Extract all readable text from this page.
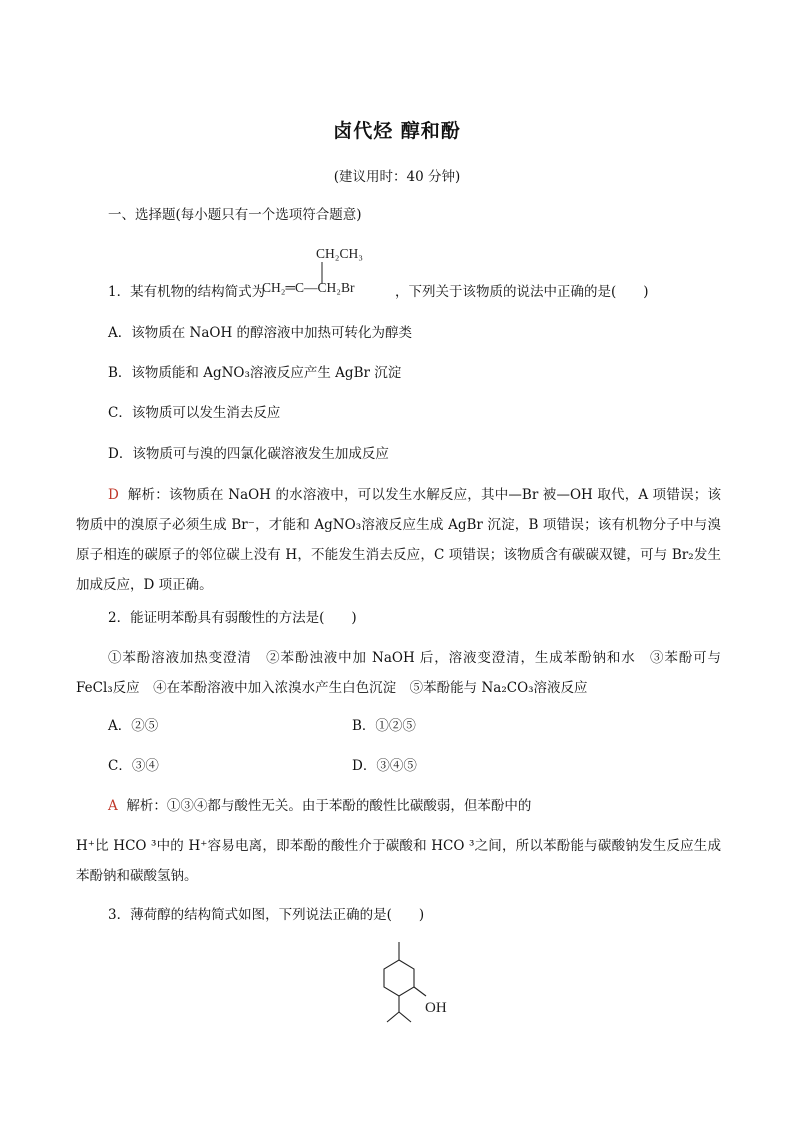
卤代烃 醇和酚
(建议用时：40 分钟)
一、选择题(每小题只有一个选项符合题意)
1．某有机物的结构简式为
CH₂CH₃
CH₂═C—CH₂Br	，下列关于该物质的说法中正确的是(　　)
A．该物质在 NaOH 的醇溶液中加热可转化为醇类
B．该物质能和 AgNO₃溶液反应产生 AgBr 沉淀
C．该物质可以发生消去反应
D．该物质可与溴的四氯化碳溶液发生加成反应
D 解析：该物质在 NaOH 的水溶液中，可以发生水解反应，其中—Br 被—OH 取代，A 项错误；该物质中的溴原子必须生成 Br⁻，才能和 AgNO₃溶液反应生成 AgBr 沉淀，B 项错误；该有机物分子中与溴原子相连的碳原子的邻位碳上没有 H，不能发生消去反应，C 项错误；该物质含有碳碳双键，可与 Br₂发生加成反应，D 项正确。
2．能证明苯酚具有弱酸性的方法是(　　)
①苯酚溶液加热变澄清　②苯酚浊液中加 NaOH 后，溶液变澄清，生成苯酚钠和水　③苯酚可与 FeCl₃反应　④在苯酚溶液中加入浓溴水产生白色沉淀　⑤苯酚能与 Na₂CO₃溶液反应
A．②⑤	B．①②⑤
C．③④	D．③④⑤
A 解析：①③④都与酸性无关。由于苯酚的酸性比碳酸弱，但苯酚中的
H⁺比 HCO ³中的 H⁺容易电离，即苯酚的酸性介于碳酸和 HCO ³之间，所以苯酚能与碳酸钠发生反应生成苯酚钠和碳酸氢钠。
3．薄荷醇的结构简式如图，下列说法正确的是(　　)
OH
